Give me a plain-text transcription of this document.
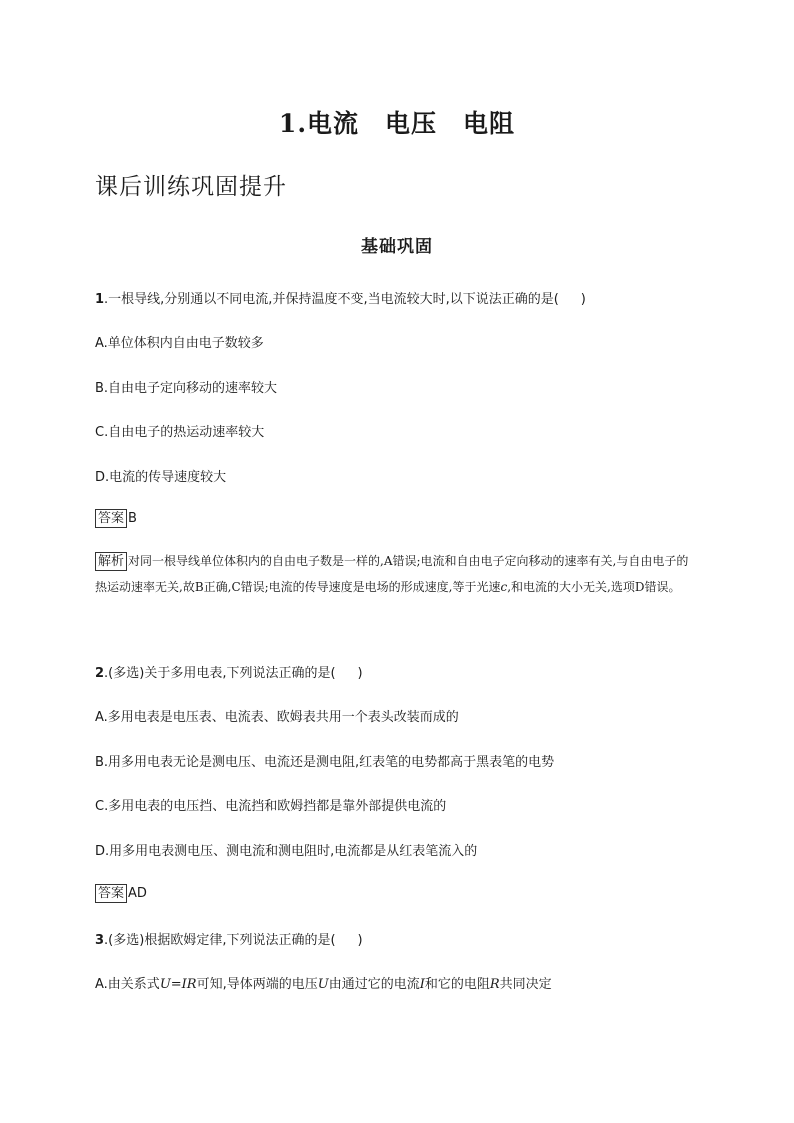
1.电流 电压 电阻
课后训练巩固提升
基础巩固
1.一根导线,分别通以不同电流,并保持温度不变,当电流较大时,以下说法正确的是( )
A.单位体积内自由电子数较多
B.自由电子定向移动的速率较大
C.自由电子的热运动速率较大
D.电流的传导速度较大
答案 B
解析 对同一根导线单位体积内的自由电子数是一样的,A错误;电流和自由电子定向移动的速率有关,与自由电子的热运动速率无关,故B正确,C错误;电流的传导速度是电场的形成速度,等于光速c,和电流的大小无关,选项D错误。
2.(多选)关于多用电表,下列说法正确的是( )
A.多用电表是电压表、电流表、欧姆表共用一个表头改装而成的
B.用多用电表无论是测电压、电流还是测电阻,红表笔的电势都高于黑表笔的电势
C.多用电表的电压挡、电流挡和欧姆挡都是靠外部提供电流的
D.用多用电表测电压、测电流和测电阻时,电流都是从红表笔流入的
答案 AD
3.(多选)根据欧姆定律,下列说法正确的是( )
A.由关系式U=IR可知,导体两端的电压U由通过它的电流I和它的电阻R共同决定
